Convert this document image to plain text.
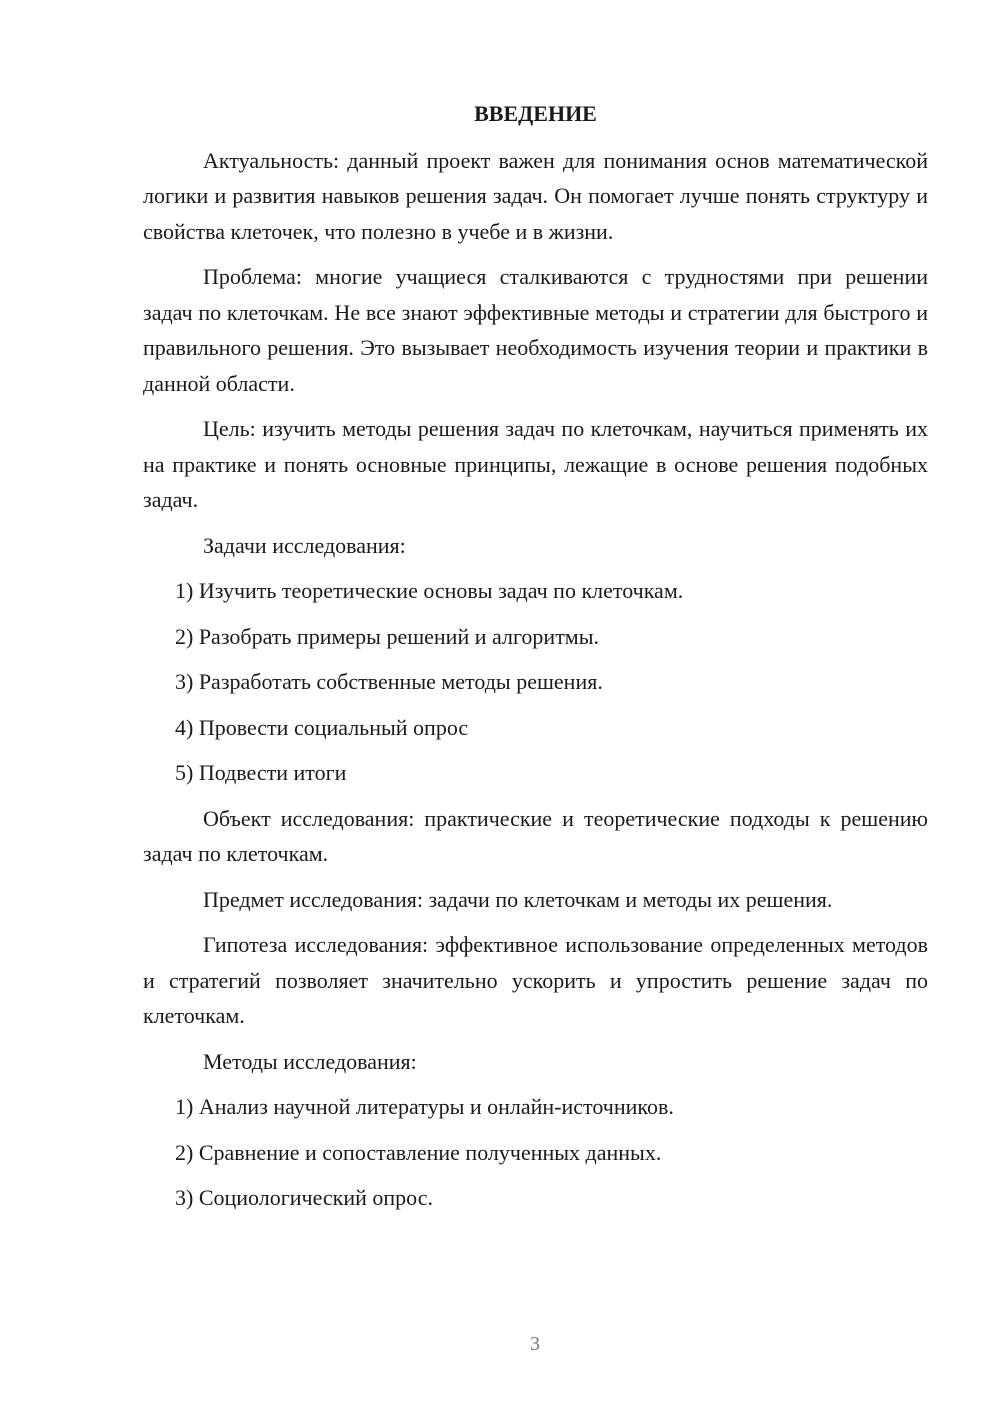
ВВЕДЕНИЕ

Актуальность: данный проект важен для понимания основ математической логики и развития навыков решения задач. Он помогает лучше понять структуру и свойства клеточек, что полезно в учебе и в жизни.

Проблема: многие учащиеся сталкиваются с трудностями при решении задач по клеточкам. Не все знают эффективные методы и стратегии для быстрого и правильного решения. Это вызывает необходимость изучения теории и практики в данной области.

Цель: изучить методы решения задач по клеточкам, научиться применять их на практике и понять основные принципы, лежащие в основе решения подобных задач.

Задачи исследования:

1) Изучить теоретические основы задач по клеточкам.

2) Разобрать примеры решений и алгоритмы.

3) Разработать собственные методы решения.

4) Провести социальный опрос

5) Подвести итоги

Объект исследования: практические и теоретические подходы к решению задач по клеточкам.

Предмет исследования: задачи по клеточкам и методы их решения.

Гипотеза исследования: эффективное использование определенных методов и стратегий позволяет значительно ускорить и упростить решение задач по клеточкам.

Методы исследования:

1) Анализ научной литературы и онлайн-источников.

2) Сравнение и сопоставление полученных данных.

3) Социологический опрос.

3
